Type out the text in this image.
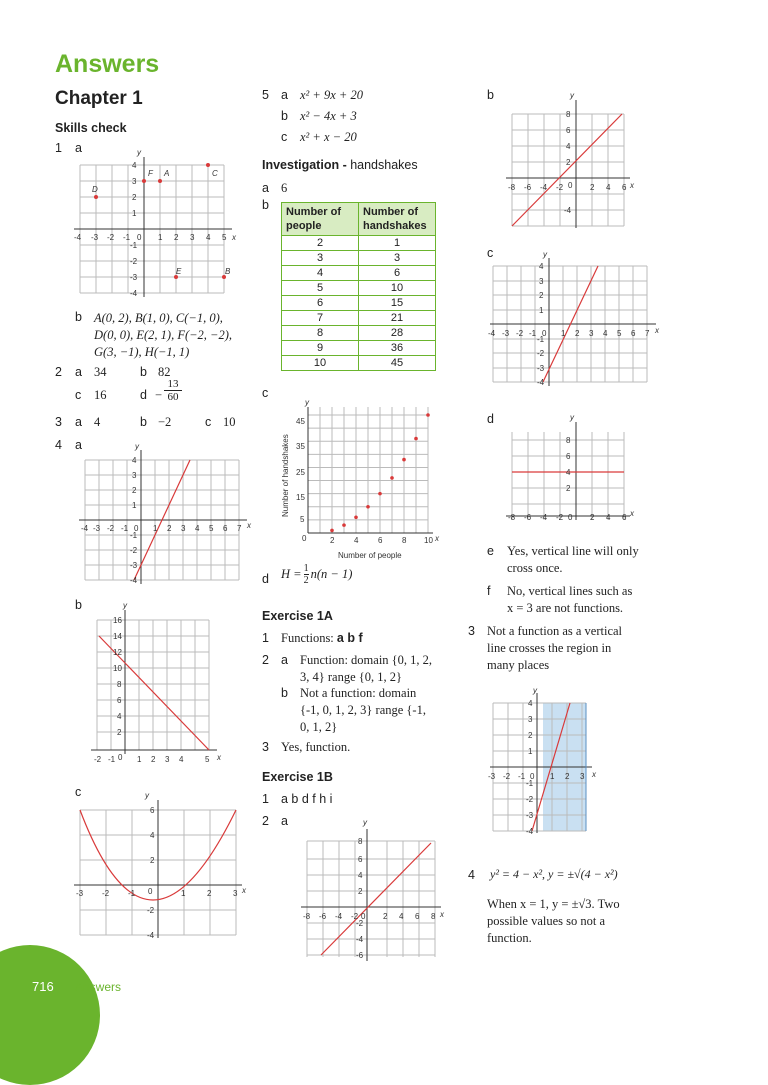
Answers
Chapter 1
Skills check
1 a
D
F A	C
E	B
-4 -3 -2 -1 0 1 2 3 4 5 x
y
4
3
2
1
-1
-2
-3
-4
b A(0, 2), B(1, 0), C(−1, 0),
D(0, 0), E(2, 1), F(−2, −2),
G(3, −1), H(−1, 1)
2 a 34	b 82
c 16	$d - \frac{13}{60}$
3 a 4	b −2	c 10
4 a
-4 -3 -2 -1 0 1 2 3 4 5 6 7 x
y
4
3
2
1
-1
-2
-3
-4
b
-2 -1 0 1 2 3 4	5 x
y
16
14
12
10
8
6
4
2
c
-3 -2 -1 0	1	2	3 x
y
6
4
2
-2
-4
5 a x² + 9x + 20
b x² − 4x + 3
c x² + x − 20
Investigation - handshakes
a 6
b Number of people	Number of handshakes
2	1
3	3
4	6
5	10
6	15
7	21
8	28
9	36
10	45
c
0	2 4 6 8 10 x
y
45
35
25
15
5
Number of people
Number of handshakes
d $H = \frac{1}{2} n(n - 1)$
Exercise 1A
1 Functions: a b f
2 a Function: domain {0, 1, 2,
3, 4} range {0, 1, 2}
b Not a function: domain
{-1, 0, 1, 2, 3} range {-1,
0, 1, 2}
3 Yes, function.
Exercise 1B
1 a b d f h i
2 a
-8 -6 -4 -2 0 2 4 6 8 x
y
8
6
4
2
-2
-4
-6
b
-8 -6 -4 -2 0 2 4 6 x
y
8
6
4
2
-4
c
-4 -3 -2 -1 0 1 2 3 4 5 6 7 x
y
4
3
2
1
-1
-2
-3
-4
d
-8 -6 -4 -2 0 2 4 6 x
y
8
6
4
2
e Yes, vertical line will only
cross once.
f No, vertical lines such as
x = 3 are not functions.
3 Not a function as a vertical
line crosses the region in
many places
-3 -2 -1 0 1 2 3 x
y
4
3
2
1
-1
-2
-3
-4
4 y² = 4 − x², y = ±√(4 − x²)
When x = 1, y = ±√3. Two
possible values so not a
function.
716 Answers
